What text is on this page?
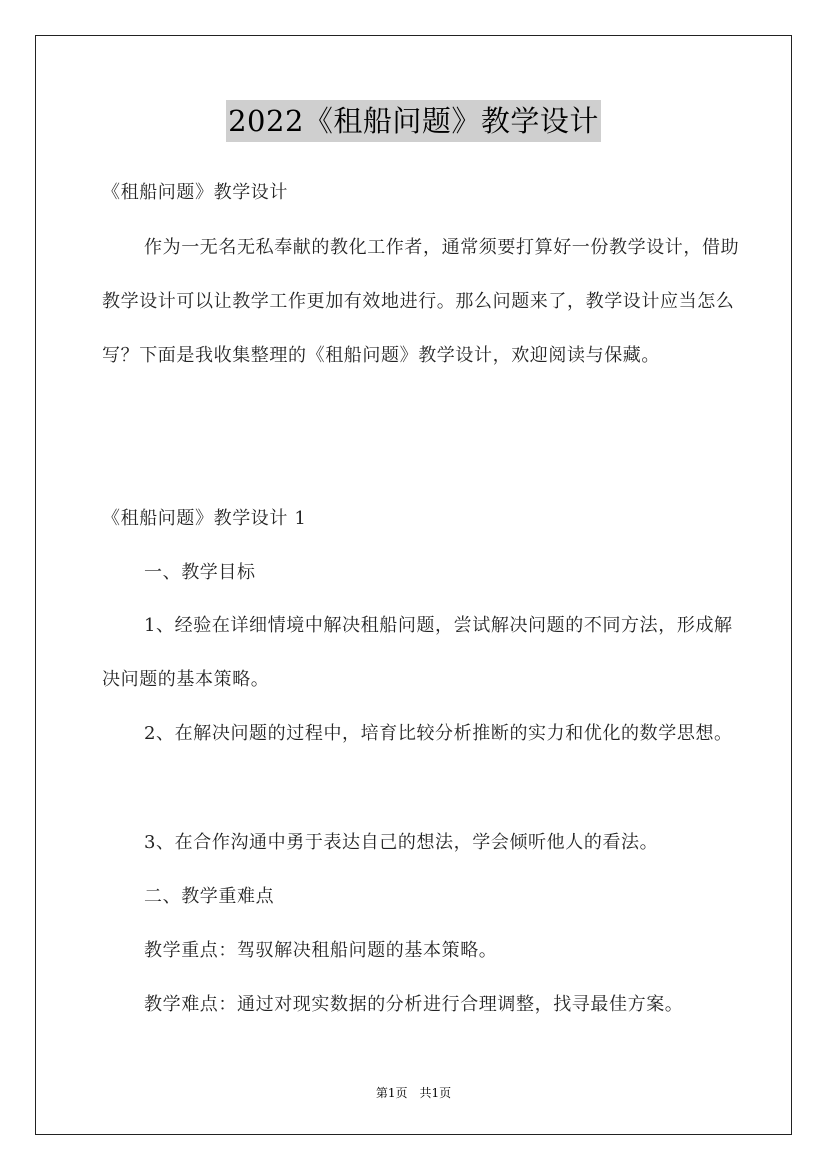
2022《租船问题》教学设计

《租船问题》教学设计

作为一无名无私奉献的教化工作者，通常须要打算好一份教学设计，借助教学设计可以让教学工作更加有效地进行。那么问题来了，教学设计应当怎么写？下面是我收集整理的《租船问题》教学设计，欢迎阅读与保藏。

《租船问题》教学设计 1

一、教学目标

1、经验在详细情境中解决租船问题，尝试解决问题的不同方法，形成解决问题的基本策略。

2、在解决问题的过程中，培育比较分析推断的实力和优化的数学思想。

3、在合作沟通中勇于表达自己的想法，学会倾听他人的看法。

二、教学重难点

教学重点：驾驭解决租船问题的基本策略。

教学难点：通过对现实数据的分析进行合理调整，找寻最佳方案。

第1页　共1页
